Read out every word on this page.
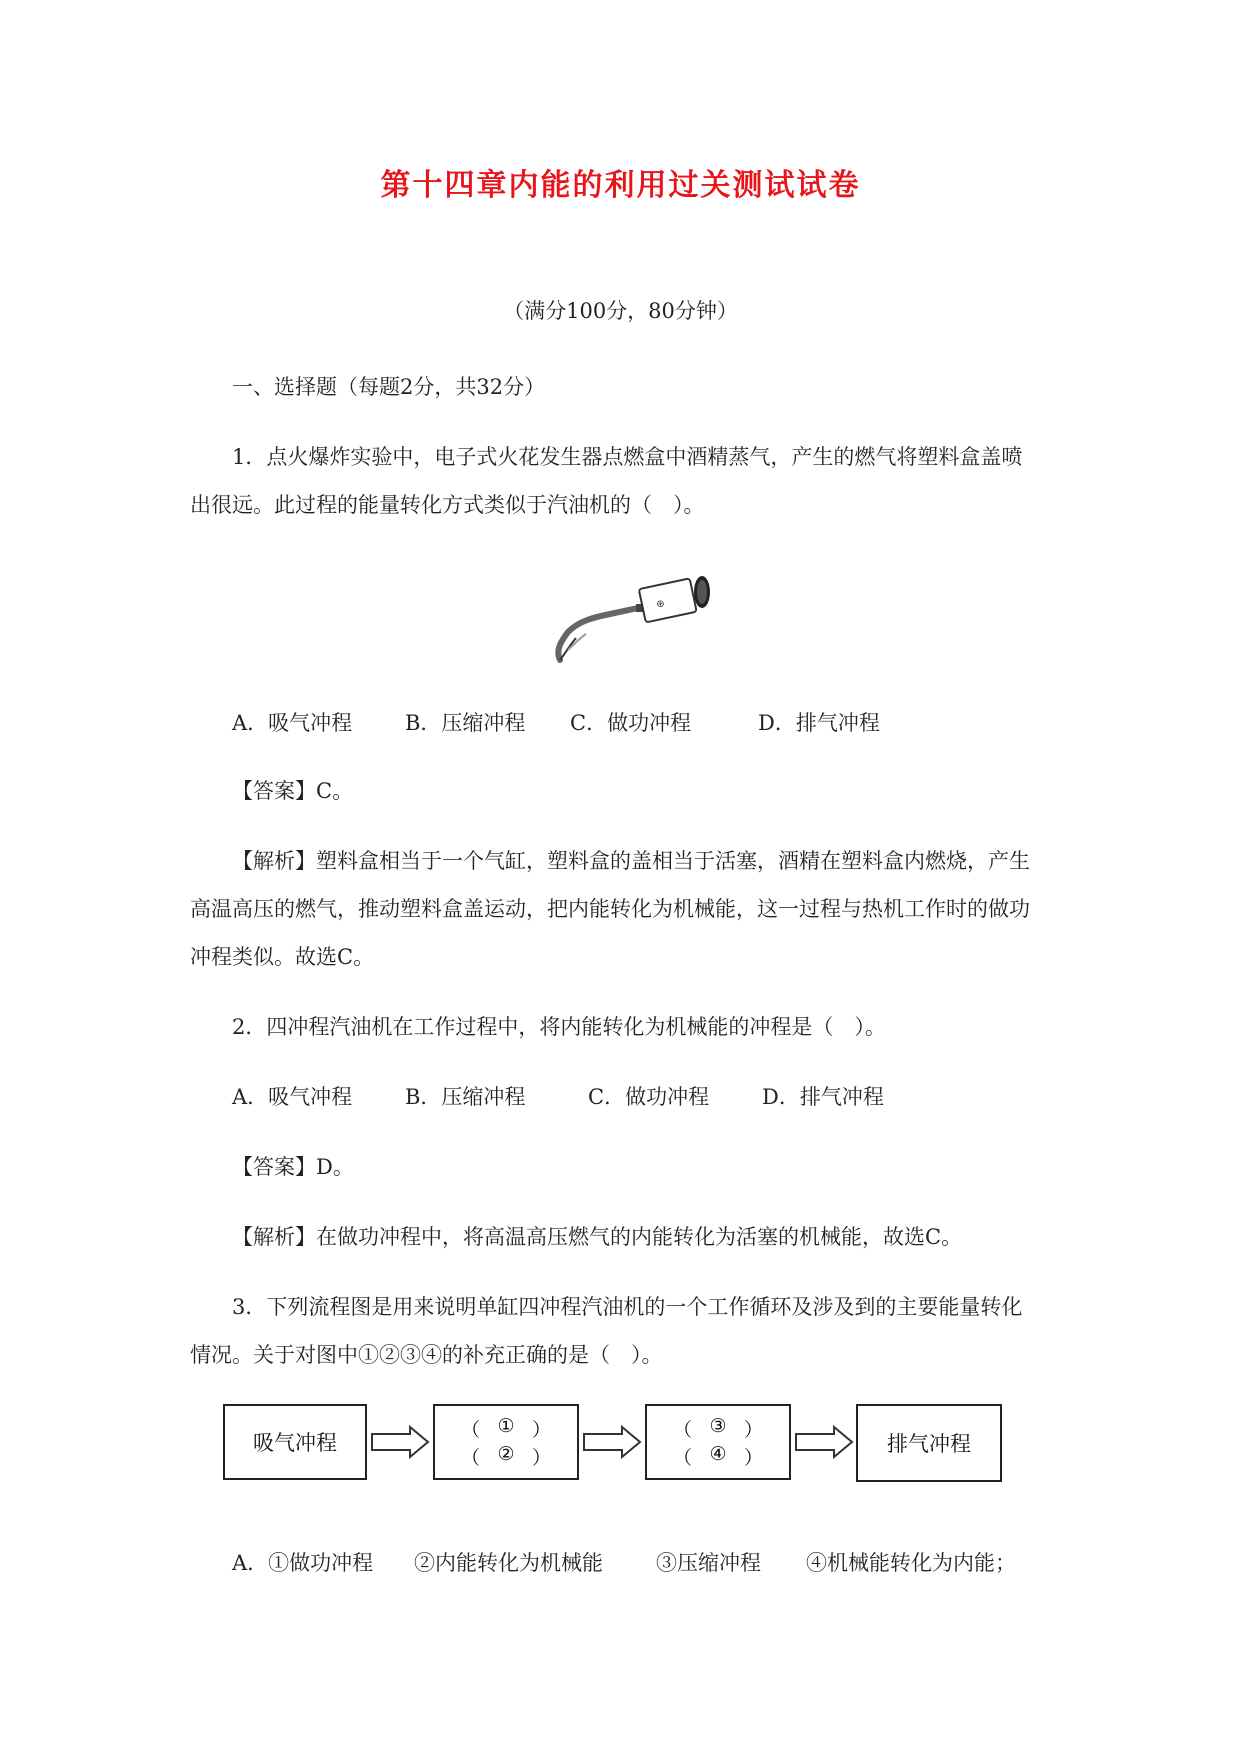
第十四章内能的利用过关测试试卷
（满分100分，80分钟）
一、选择题（每题2分，共32分）
1．点火爆炸实验中，电子式火花发生器点燃盒中酒精蒸气，产生的燃气将塑料盒盖喷
出很远。此过程的能量转化方式类似于汽油机的（　）。
⊕
A．吸气冲程	B．压缩冲程 C．做功冲程	D．排气冲程
【答案】C。
【解析】塑料盒相当于一个气缸，塑料盒的盖相当于活塞，酒精在塑料盒内燃烧，产生
高温高压的燃气，推动塑料盒盖运动，把内能转化为机械能，这一过程与热机工作时的做功
冲程类似。故选C。
2．四冲程汽油机在工作过程中，将内能转化为机械能的冲程是（　）。
A．吸气冲程	B．压缩冲程	C．做功冲程	D．排气冲程
【答案】D。
【解析】在做功冲程中，将高温高压燃气的内能转化为活塞的机械能，故选C。
3．下列流程图是用来说明单缸四冲程汽油机的一个工作循环及涉及到的主要能量转化
情况。关于对图中①②③④的补充正确的是（　）。
吸气冲程
（ ① ）
（ ② ）
（ ③ ）
（ ④ ）
排气冲程
A．①做功冲程 ②内能转化为机械能	③压缩冲程 ④机械能转化为内能；
